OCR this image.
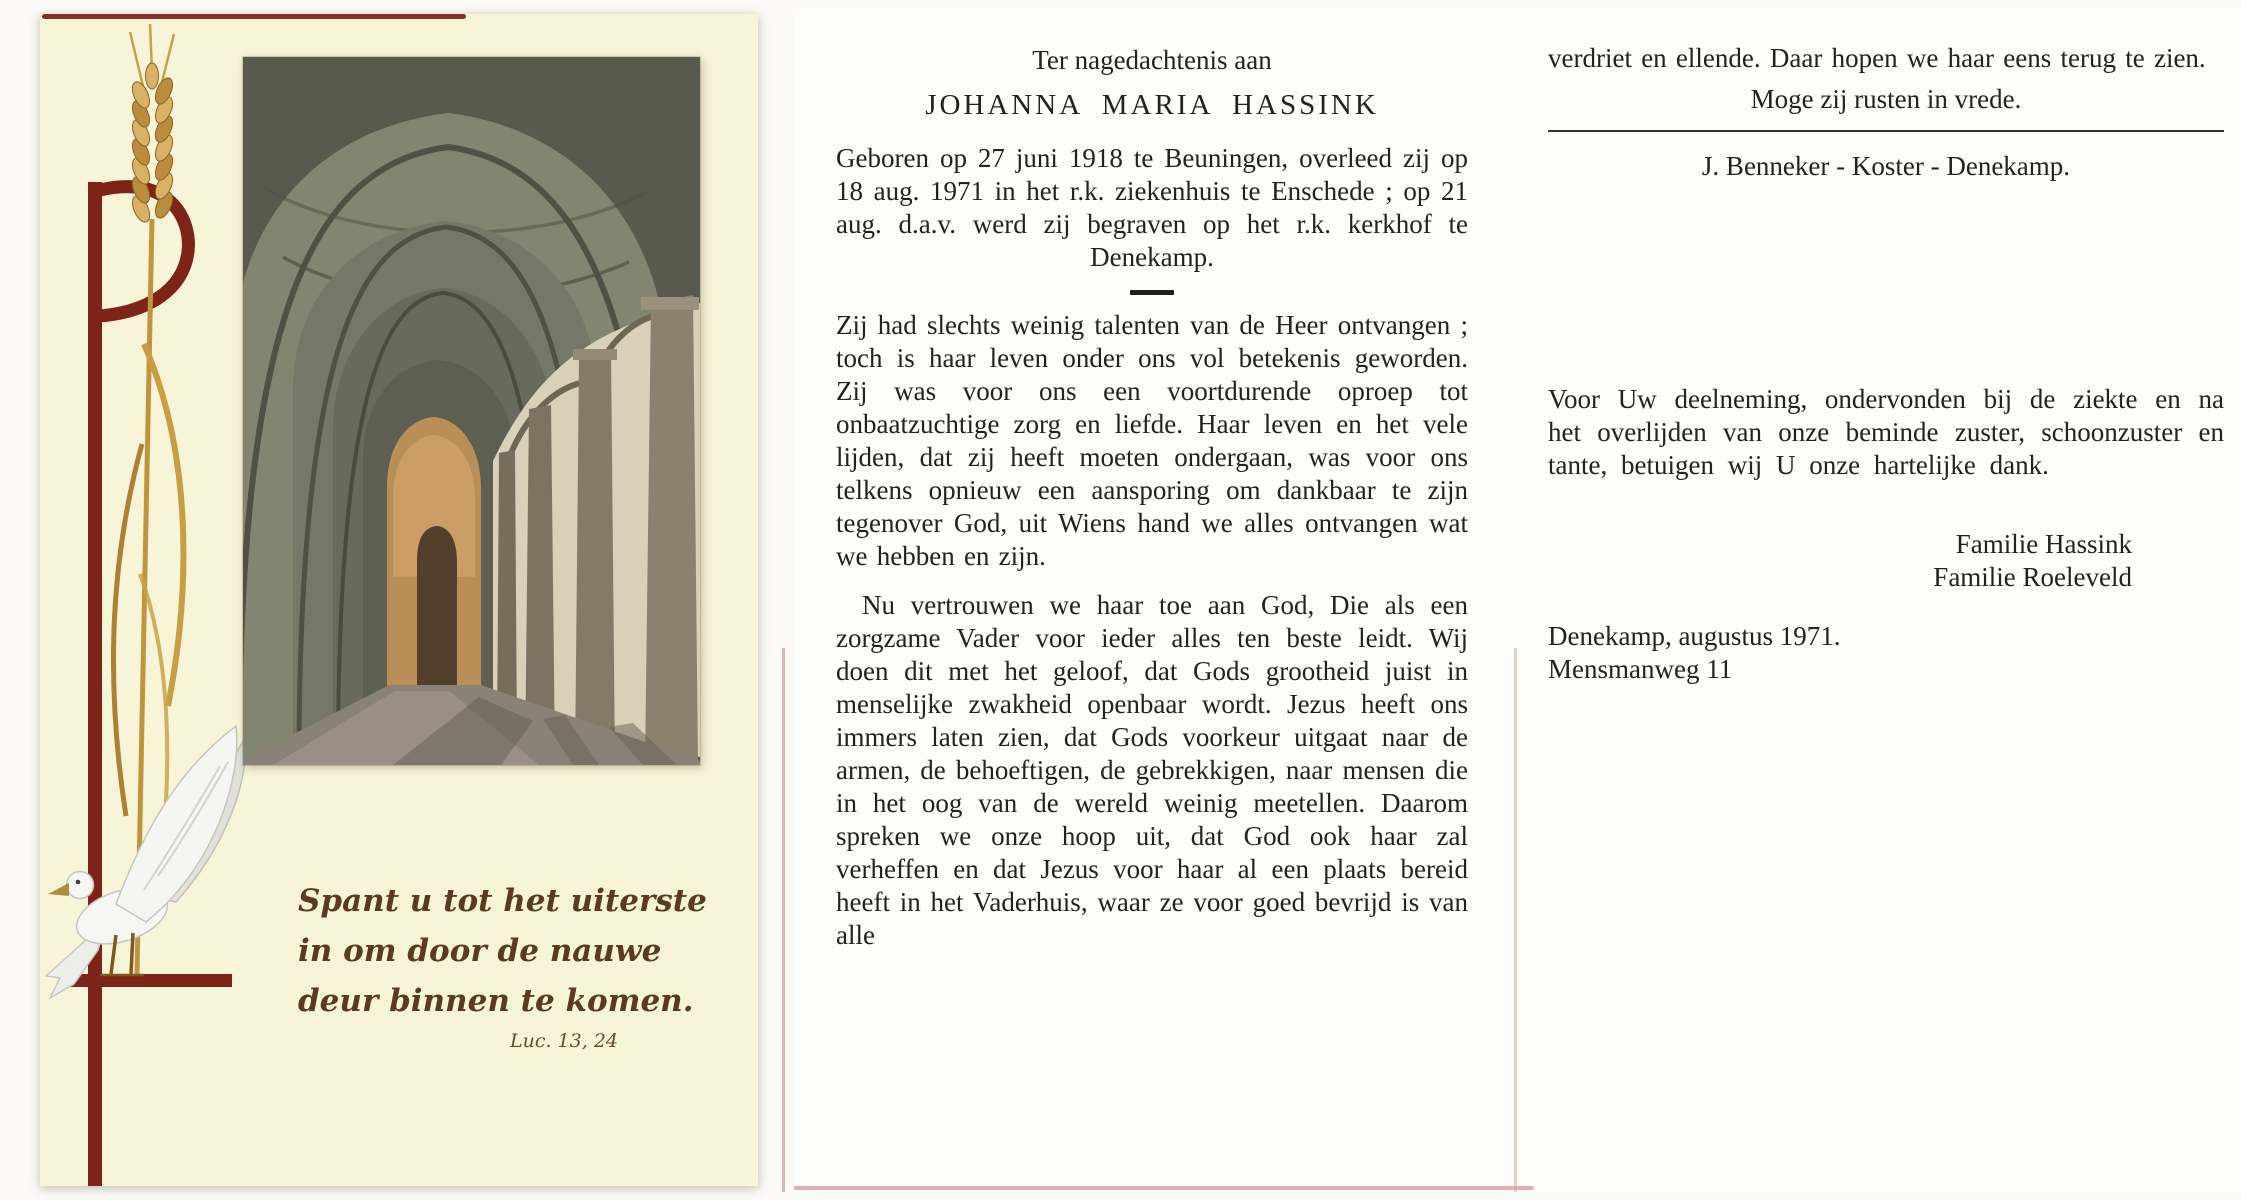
Spant u tot het uiterste
in om door de nauwe
deur binnen te komen.
Luc. 13, 24
Ter nagedachtenis aan
JOHANNA MARIA HASSINK

Geboren op 27 juni 1918 te Beuningen, overleed zij op 18 aug. 1971 in het r.k. ziekenhuis te Enschede ; op 21 aug. d.a.v. werd zij begraven op het r.k. kerkhof te Denekamp.

Zij had slechts weinig talenten van de Heer ontvangen ; toch is haar leven onder ons vol betekenis geworden. Zij was voor ons een voortdurende oproep tot onbaatzuchtige zorg en liefde. Haar leven en het vele lijden, dat zij heeft moeten ondergaan, was voor ons telkens opnieuw een aansporing om dankbaar te zijn tegenover God, uit Wiens hand we alles ontvangen wat we hebben en zijn.

Nu vertrouwen we haar toe aan God, Die als een zorgzame Vader voor ieder alles ten beste leidt. Wij doen dit met het geloof, dat Gods grootheid juist in menselijke zwakheid openbaar wordt. Jezus heeft ons immers laten zien, dat Gods voorkeur uitgaat naar de armen, de behoeftigen, de gebrekkigen, naar mensen die in het oog van de wereld weinig meetellen. Daarom spreken we onze hoop uit, dat God ook haar zal verheffen en dat Jezus voor haar al een plaats bereid heeft in het Vaderhuis, waar ze voor goed bevrijd is van alle

verdriet en ellende. Daar hopen we haar eens terug te zien.

Moge zij rusten in vrede.
J. Benneker - Koster - Denekamp.

Voor Uw deelneming, ondervonden bij de ziekte en na het overlijden van onze beminde zuster, schoonzuster en tante, betuigen wij U onze hartelijke dank.

Familie Hassink
Familie Roeleveld
Denekamp, augustus 1971.
Mensmanweg 11
